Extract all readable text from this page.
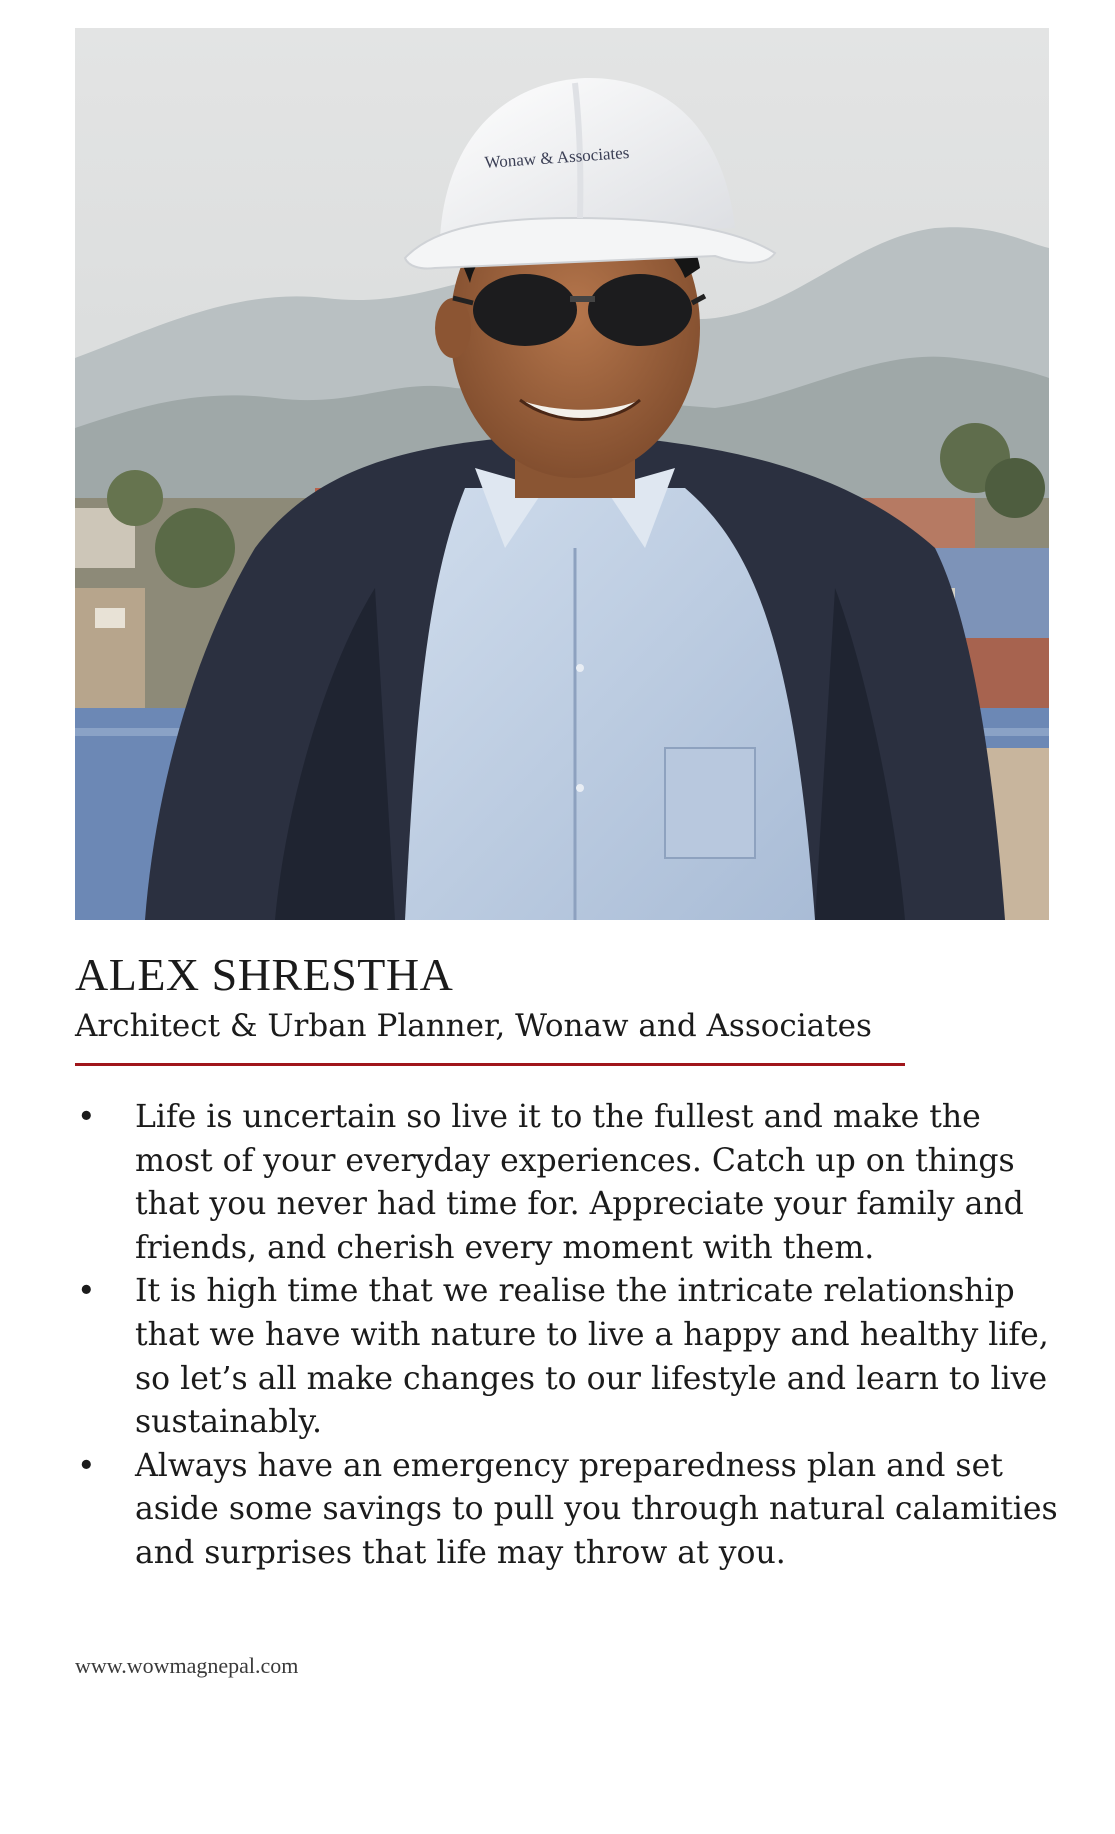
Wonaw & Associates
ALEX SHRESTHA
Architect & Urban Planner, Wonaw and Associates
•	Life is uncertain so live it to the fullest and make the most of your everyday experiences. Catch up on things that you never had time for. Appreciate your family and friends, and cherish every moment with them.
•	It is high time that we realise the intricate relationship that we have with nature to live a happy and healthy life, so let’s all make changes to our lifestyle and learn to live sustainably.
•	Always have an emergency preparedness plan and set aside some savings to pull you through natural calamities and surprises that life may throw at you.
www.wowmagnepal.com
